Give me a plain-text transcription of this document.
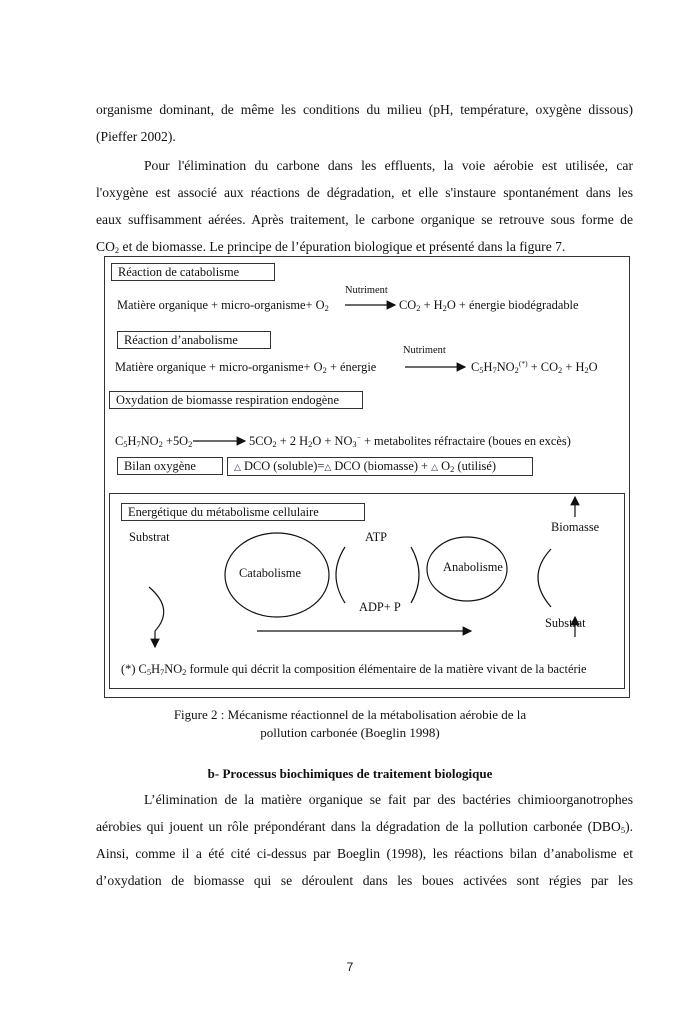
organisme dominant, de même les conditions du milieu (pH, température, oxygène dissous)
(Pieffer 2002).
Pour l'élimination du carbone dans les effluents, la voie aérobie est utilisée, car
l'oxygène est associé aux réactions de dégradation, et elle s'instaure spontanément dans les
eaux suffisamment aérées. Après traitement, le carbone organique se retrouve sous forme de
$CO_2$ et de biomasse. Le principe de l’épuration biologique et présenté dans la figure 7.
Réaction de catabolisme
Nutriment
Matière organique + micro-organisme+ $O_2$	$CO_2 + H_2O$ + énergie biodégradable
Réaction d’anabolisme
Nutriment
Matière organique + micro-organisme+ $O_2$ + énergie	$C_5H_7NO_2^{(*)} + CO_2 + H_2O$
Oxydation de biomasse respiration endogène
$C_5H_7NO_2 +5O_2$	$5CO_2 + 2$ $H_2O + NO_3^-$ + metabolites réfractaire (boues en excès)
Bilan oxygène	△ DCO (soluble)=△ DCO (biomasse) + △ $O_2$ (utilisé)
Energétique du métabolisme cellulaire
Substrat	ATP
Biomasse
Catabolisme	Anabolisme
ADP+ P
Substrat
(*) $C_5H_7NO_2$ formule qui décrit la composition élémentaire de la matière vivant de la bactérie
Figure 2 : Mécanisme réactionnel de la métabolisation aérobie de la
pollution carbonée (Boeglin 1998)
b- Processus biochimiques de traitement biologique
L’élimination de la matière organique se fait par des bactéries chimioorganotrophes
aérobies qui jouent un rôle prépondérant dans la dégradation de la pollution carbonée $(DBO_5)$.
Ainsi, comme il a été cité ci-dessus par Boeglin (1998), les réactions bilan d’anabolisme et
d’oxydation de biomasse qui se déroulent dans les boues activées sont régies par les
7
